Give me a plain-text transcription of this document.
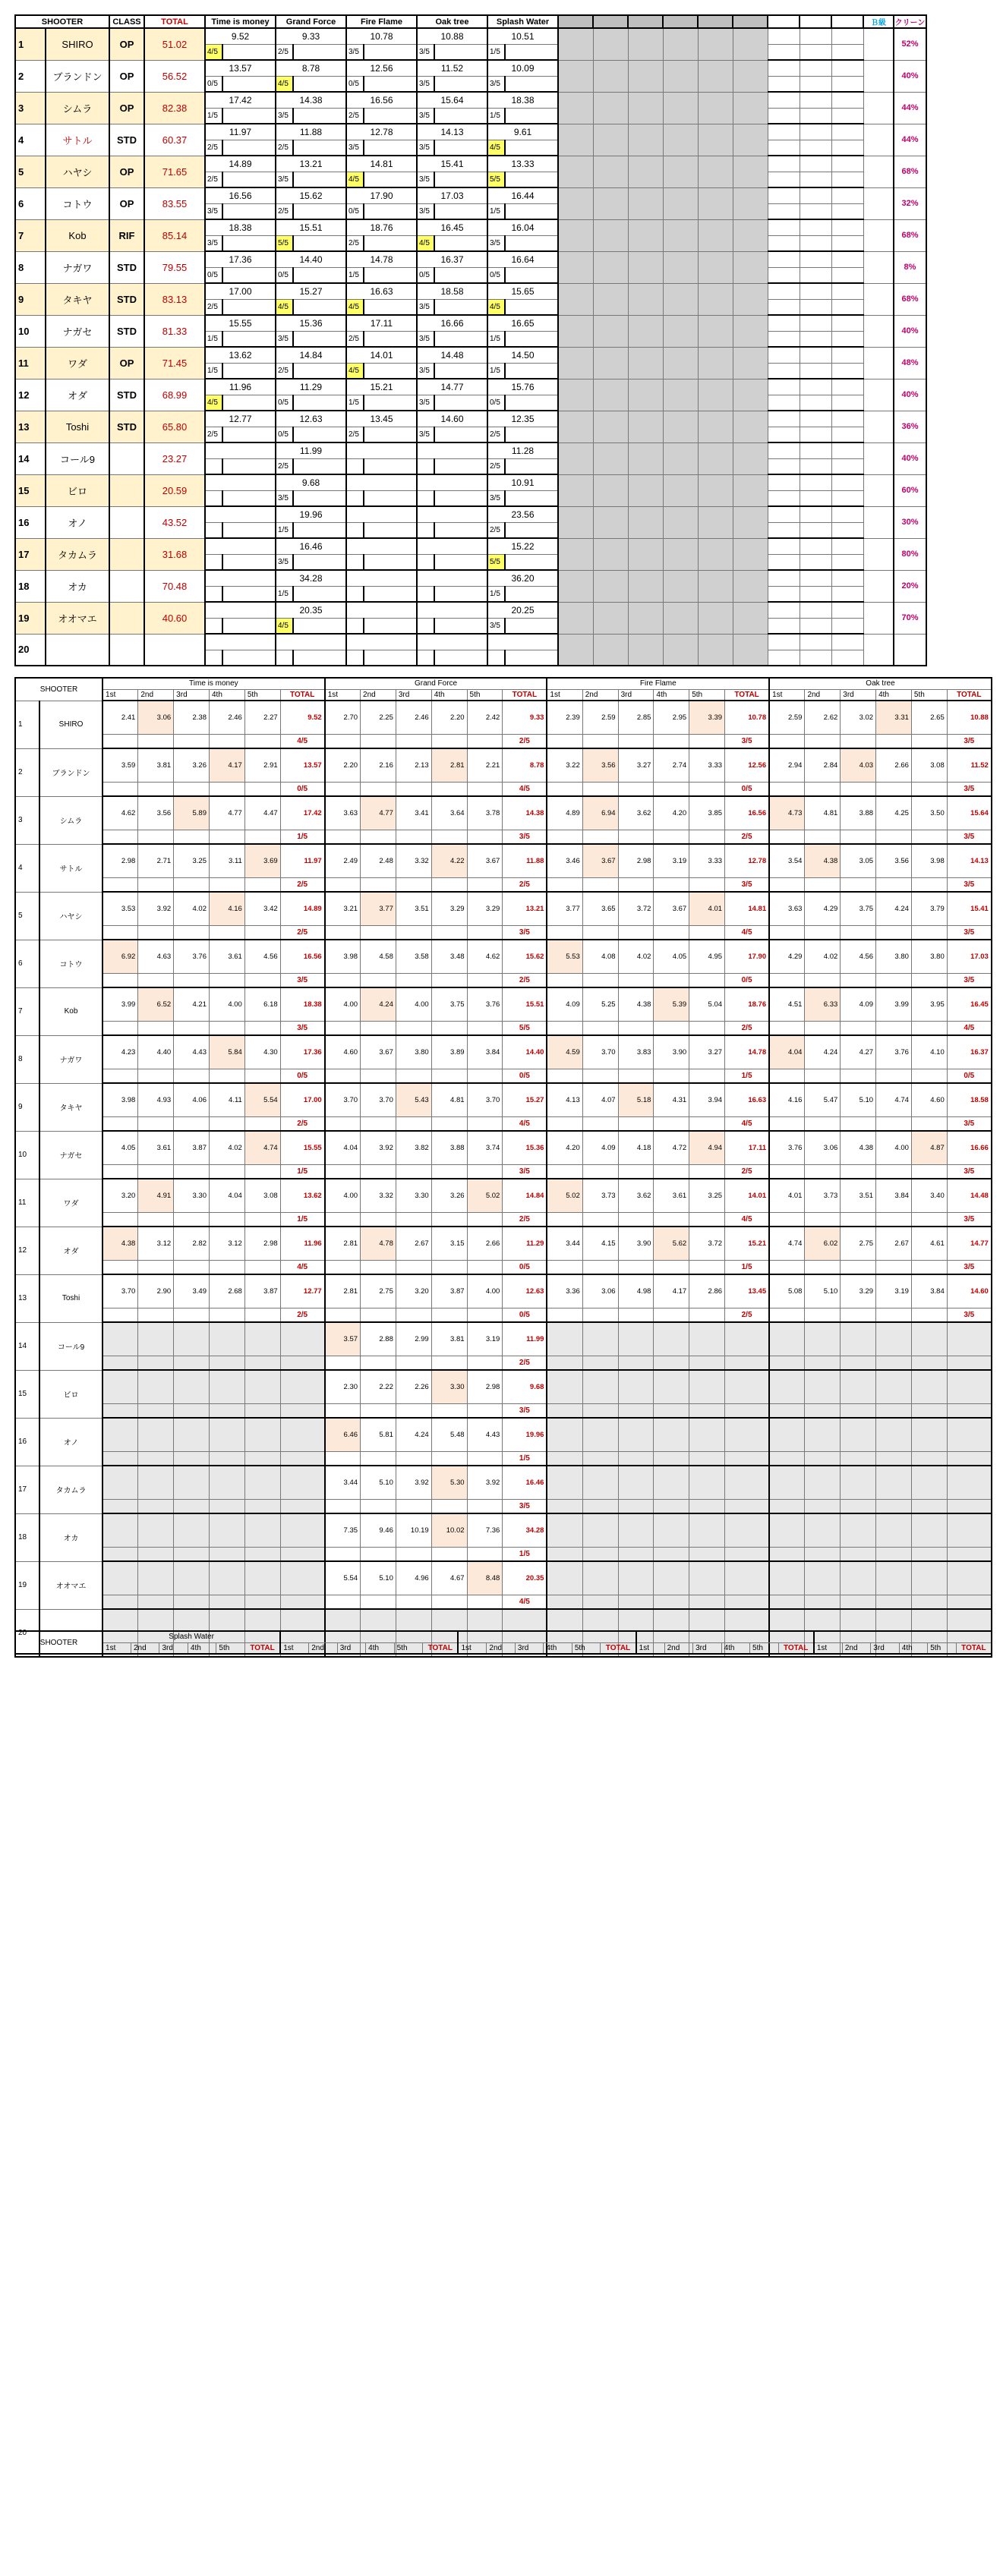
SHOOTER		CLASS	TOTAL	Time is money		Grand Force		Fire Flame		Oak tree		Splash Water											Ｂ級	クリーン
1	SHIRO	OP	51.02	9.52		9.33		10.78		10.88		10.51												52%
				4/5		2/5		3/5		3/5		1/5												
2	ブランドン	OP	56.52	13.57		8.78		12.56		11.52		10.09												40%
				0/5		4/5		0/5		3/5		3/5												
3	シムラ	OP	82.38	17.42		14.38		16.56		15.64		18.38												44%
				1/5		3/5		2/5		3/5		1/5												
4	サトル	STD	60.37	11.97		11.88		12.78		14.13		9.61												44%
				2/5		2/5		3/5		3/5		4/5												
5	ハヤシ	OP	71.65	14.89		13.21		14.81		15.41		13.33												68%
				2/5		3/5		4/5		3/5		5/5												
6	コトウ	OP	83.55	16.56		15.62		17.90		17.03		16.44												32%
				3/5		2/5		0/5		3/5		1/5												
7	Kob	RIF	85.14	18.38		15.51		18.76		16.45		16.04												68%
				3/5		5/5		2/5		4/5		3/5												
8	ナガワ	STD	79.55	17.36		14.40		14.78		16.37		16.64												8%
				0/5		0/5		1/5		0/5		0/5												
9	タキヤ	STD	83.13	17.00		15.27		16.63		18.58		15.65												68%
				2/5		4/5		4/5		3/5		4/5												
10	ナガセ	STD	81.33	15.55		15.36		17.11		16.66		16.65												40%
				1/5		3/5		2/5		3/5		1/5												
11	ワダ	OP	71.45	13.62		14.84		14.01		14.48		14.50												48%
				1/5		2/5		4/5		3/5		1/5												
12	オダ	STD	68.99	11.96		11.29		15.21		14.77		15.76												40%
				4/5		0/5		1/5		3/5		0/5												
13	Toshi	STD	65.80	12.77		12.63		13.45		14.60		12.35												36%
				2/5		0/5		2/5		3/5		2/5												
14	コール9		23.27			11.99						11.28												40%
						2/5						2/5												
15	ビロ		20.59			9.68						10.91												60%
						3/5						3/5												
16	オノ		43.52			19.96						23.56												30%
						1/5						2/5												
17	タカムラ		31.68			16.46						15.22												80%
						3/5						5/5												
18	オカ		70.48			34.28						36.20												20%
						1/5						1/5												
19	オオマエ		40.60			20.35						20.25												70%
						4/5						3/5												
20																								

SHOOTER		Time is money						Grand Force						Fire Flame						Oak tree					
		1st	2nd	3rd	4th	5th	TOTAL	1st	2nd	3rd	4th	5th	TOTAL	1st	2nd	3rd	4th	5th	TOTAL	1st	2nd	3rd	4th	5th	TOTAL
1	SHIRO	2.41	3.06	2.38	2.46	2.27	9.52	2.70	2.25	2.46	2.20	2.42	9.33	2.39	2.59	2.85	2.95	3.39	10.78	2.59	2.62	3.02	3.31	2.65	10.88
							4/5						2/5						3/5						3/5
2	ブランドン	3.59	3.81	3.26	4.17	2.91	13.57	2.20	2.16	2.13	2.81	2.21	8.78	3.22	3.56	3.27	2.74	3.33	12.56	2.94	2.84	4.03	2.66	3.08	11.52
							0/5						4/5						0/5						3/5
3	シムラ	4.62	3.56	5.89	4.77	4.47	17.42	3.63	4.77	3.41	3.64	3.78	14.38	4.89	6.94	3.62	4.20	3.85	16.56	4.73	4.81	3.88	4.25	3.50	15.64
							1/5						3/5						2/5						3/5
4	サトル	2.98	2.71	3.25	3.11	3.69	11.97	2.49	2.48	3.32	4.22	3.67	11.88	3.46	3.67	2.98	3.19	3.33	12.78	3.54	4.38	3.05	3.56	3.98	14.13
							2/5						2/5						3/5						3/5
5	ハヤシ	3.53	3.92	4.02	4.16	3.42	14.89	3.21	3.77	3.51	3.29	3.29	13.21	3.77	3.65	3.72	3.67	4.01	14.81	3.63	4.29	3.75	4.24	3.79	15.41
							2/5						3/5						4/5						3/5
6	コトウ	6.92	4.63	3.76	3.61	4.56	16.56	3.98	4.58	3.58	3.48	4.62	15.62	5.53	4.08	4.02	4.05	4.95	17.90	4.29	4.02	4.56	3.80	3.80	17.03
							3/5						2/5						0/5						3/5
7	Kob	3.99	6.52	4.21	4.00	6.18	18.38	4.00	4.24	4.00	3.75	3.76	15.51	4.09	5.25	4.38	5.39	5.04	18.76	4.51	6.33	4.09	3.99	3.95	16.45
							3/5						5/5						2/5						4/5
8	ナガワ	4.23	4.40	4.43	5.84	4.30	17.36	4.60	3.67	3.80	3.89	3.84	14.40	4.59	3.70	3.83	3.90	3.27	14.78	4.04	4.24	4.27	3.76	4.10	16.37
							0/5						0/5						1/5						0/5
9	タキヤ	3.98	4.93	4.06	4.11	5.54	17.00	3.70	3.70	5.43	4.81	3.70	15.27	4.13	4.07	5.18	4.31	3.94	16.63	4.16	5.47	5.10	4.74	4.60	18.58
							2/5						4/5						4/5						3/5
10	ナガセ	4.05	3.61	3.87	4.02	4.74	15.55	4.04	3.92	3.82	3.88	3.74	15.36	4.20	4.09	4.18	4.72	4.94	17.11	3.76	3.06	4.38	4.00	4.87	16.66
							1/5						3/5						2/5						3/5
11	ワダ	3.20	4.91	3.30	4.04	3.08	13.62	4.00	3.32	3.30	3.26	5.02	14.84	5.02	3.73	3.62	3.61	3.25	14.01	4.01	3.73	3.51	3.84	3.40	14.48
							1/5						2/5						4/5						3/5
12	オダ	4.38	3.12	2.82	3.12	2.98	11.96	2.81	4.78	2.67	3.15	2.66	11.29	3.44	4.15	3.90	5.62	3.72	15.21	4.74	6.02	2.75	2.67	4.61	14.77
							4/5						0/5						1/5						3/5
13	Toshi	3.70	2.90	3.49	2.68	3.87	12.77	2.81	2.75	3.20	3.87	4.00	12.63	3.36	3.06	4.98	4.17	2.86	13.45	5.08	5.10	3.29	3.19	3.84	14.60
							2/5						0/5						2/5						3/5
14	コール9							3.57	2.88	2.99	3.81	3.19	11.99												
													2/5												
15	ビロ							2.30	2.22	2.26	3.30	2.98	9.68												
													3/5												
16	オノ							6.46	5.81	4.24	5.48	4.43	19.96												
													1/5												
17	タカムラ							3.44	5.10	3.92	5.30	3.92	16.46												
													3/5												
18	オカ							7.35	9.46	10.19	10.02	7.36	34.28												
													1/5												
19	オオマエ							5.54	5.10	4.96	4.67	8.48	20.35												
													4/5												
20																									

SHOOTER	Splash Water																													
	1st	2nd	3rd	4th	5th	TOTAL	1st	2nd	3rd	4th	5th	TOTAL	1st	2nd	3rd	4th	5th	TOTAL	1st	2nd	3rd	4th	5th	TOTAL	1st	2nd	3rd	4th	5th	TOTAL
